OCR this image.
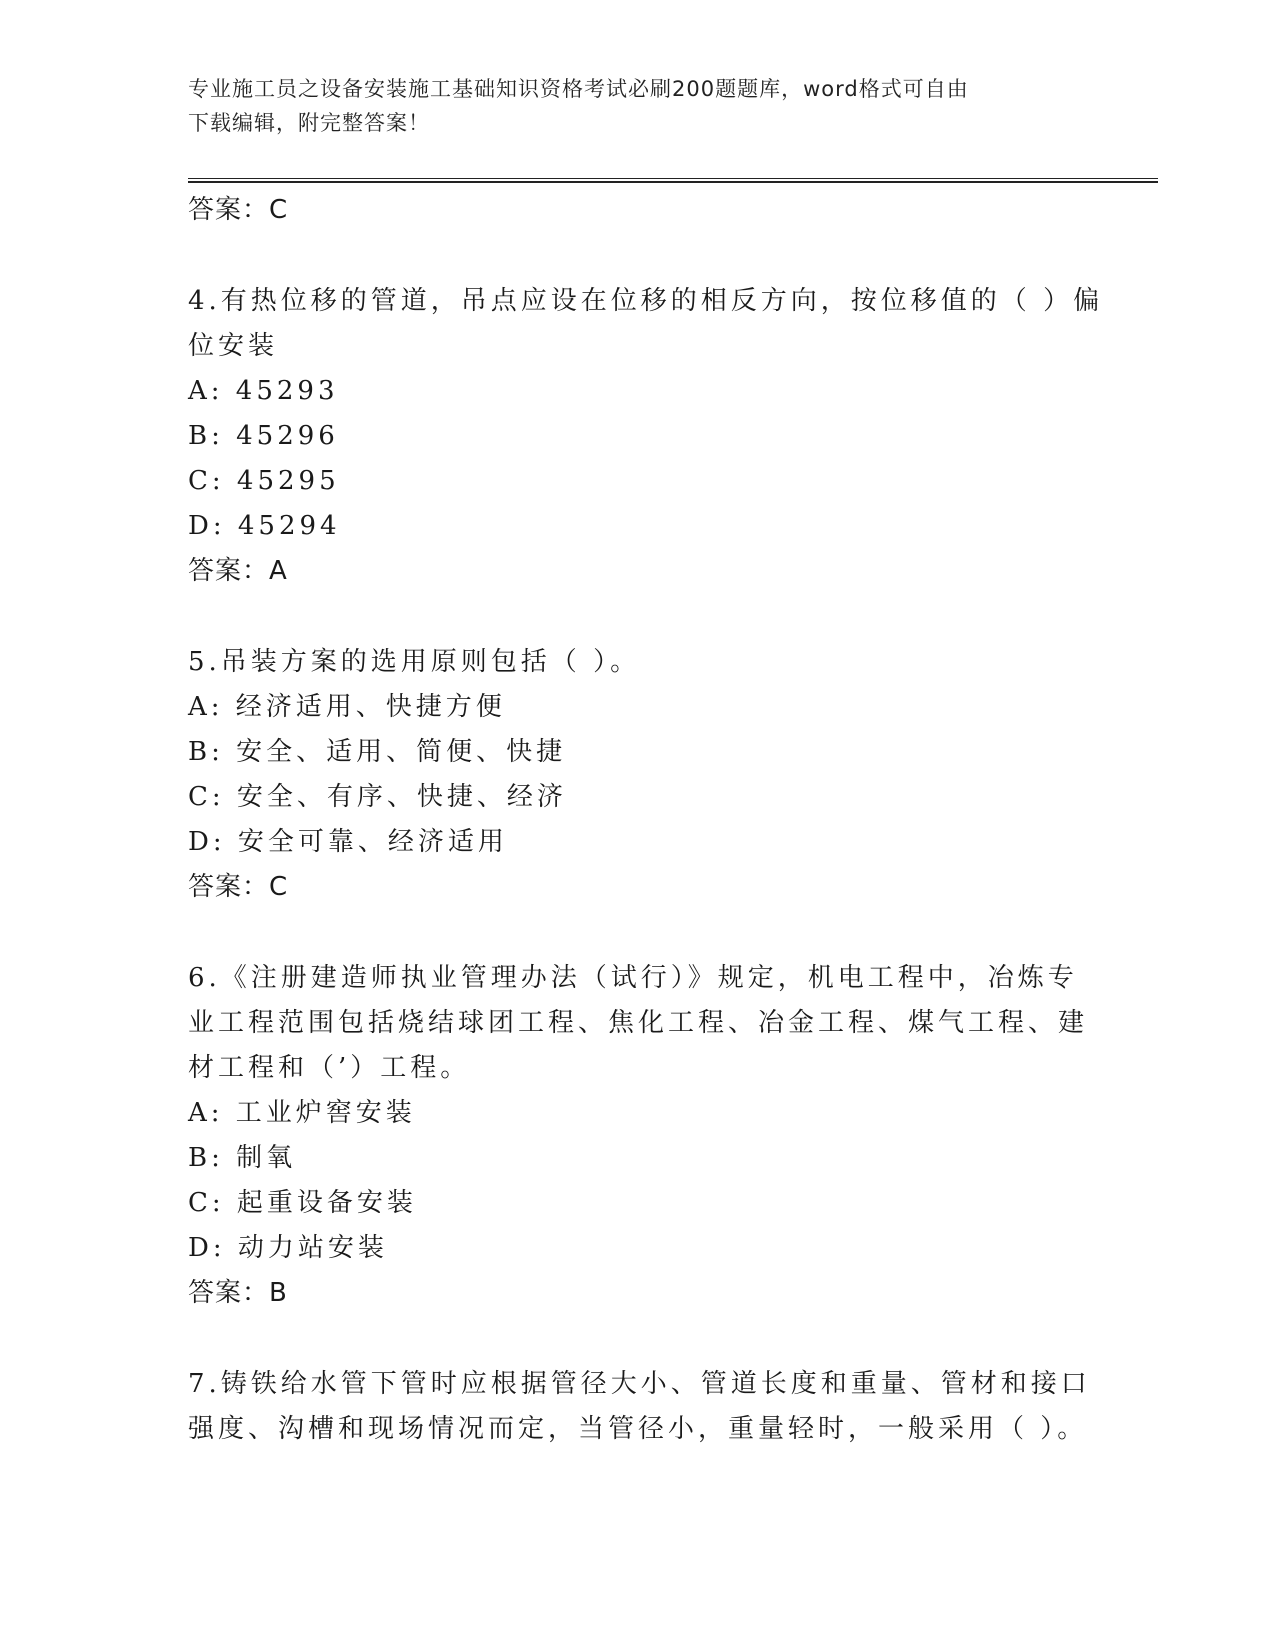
专业施工员之设备安装施工基础知识资格考试必刷200题题库，word格式可自由
下载编辑，附完整答案！
答案：C
4.有热位移的管道，吊点应设在位移的相反方向，按位移值的（ ）偏
位安装
A: 45293
B: 45296
C: 45295
D: 45294
答案：A
5.吊装方案的选用原则包括（ ）。
A: 经济适用、快捷方便
B: 安全、适用、简便、快捷
C: 安全、有序、快捷、经济
D: 安全可靠、经济适用
答案：C
6.《注册建造师执业管理办法（试行）》规定，机电工程中，冶炼专
业工程范围包括烧结球团工程、焦化工程、冶金工程、煤气工程、建
材工程和（’）工程。
A: 工业炉窖安装
B: 制氧
C: 起重设备安装
D: 动力站安装
答案：B
7.铸铁给水管下管时应根据管径大小、管道长度和重量、管材和接口
强度、沟槽和现场情况而定，当管径小，重量轻时，一般采用（ ）。
